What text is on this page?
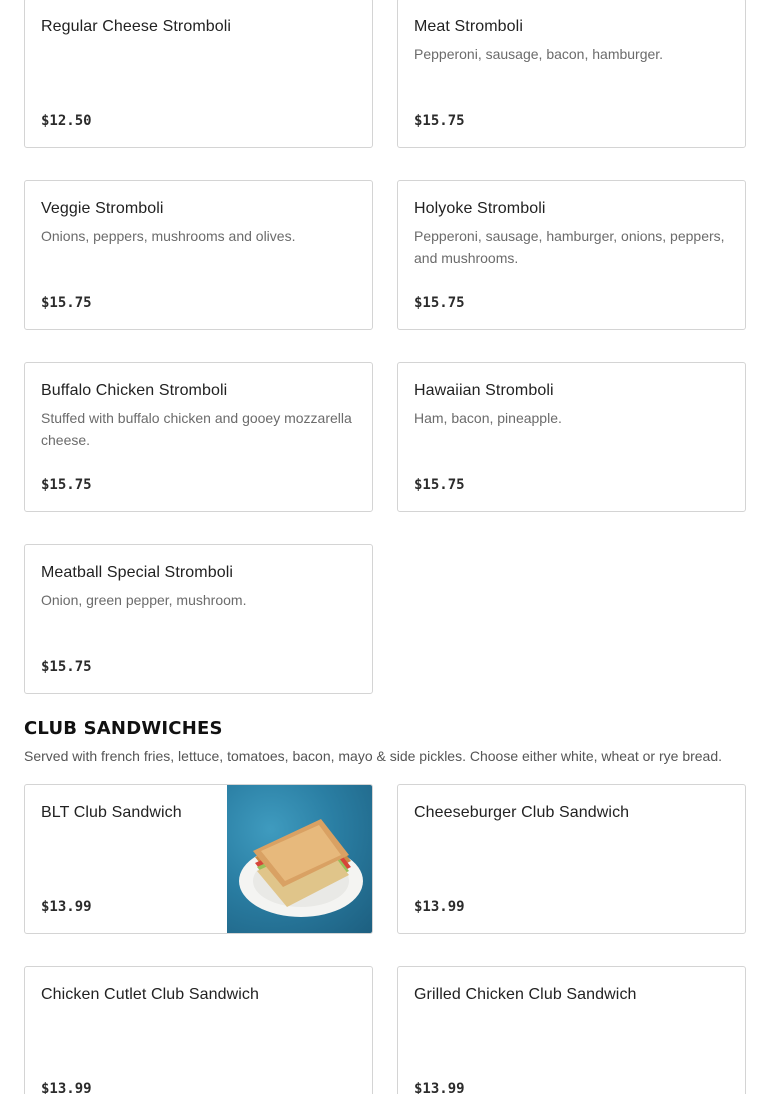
Regular Cheese Stromboli
$12.50
Meat Stromboli
Pepperoni, sausage, bacon, hamburger.
$15.75
Veggie Stromboli
Onions, peppers, mushrooms and olives.
$15.75
Holyoke Stromboli
Pepperoni, sausage, hamburger, onions, peppers, and mushrooms.
$15.75
Buffalo Chicken Stromboli
Stuffed with buffalo chicken and gooey mozzarella cheese.
$15.75
Hawaiian Stromboli
Ham, bacon, pineapple.
$15.75
Meatball Special Stromboli
Onion, green pepper, mushroom.
$15.75
CLUB SANDWICHES
Served with french fries, lettuce, tomatoes, bacon, mayo & side pickles. Choose either white, wheat or rye bread.
BLT Club Sandwich
$13.99
Cheeseburger Club Sandwich
$13.99
Chicken Cutlet Club Sandwich
$13.99
Grilled Chicken Club Sandwich
$13.99
